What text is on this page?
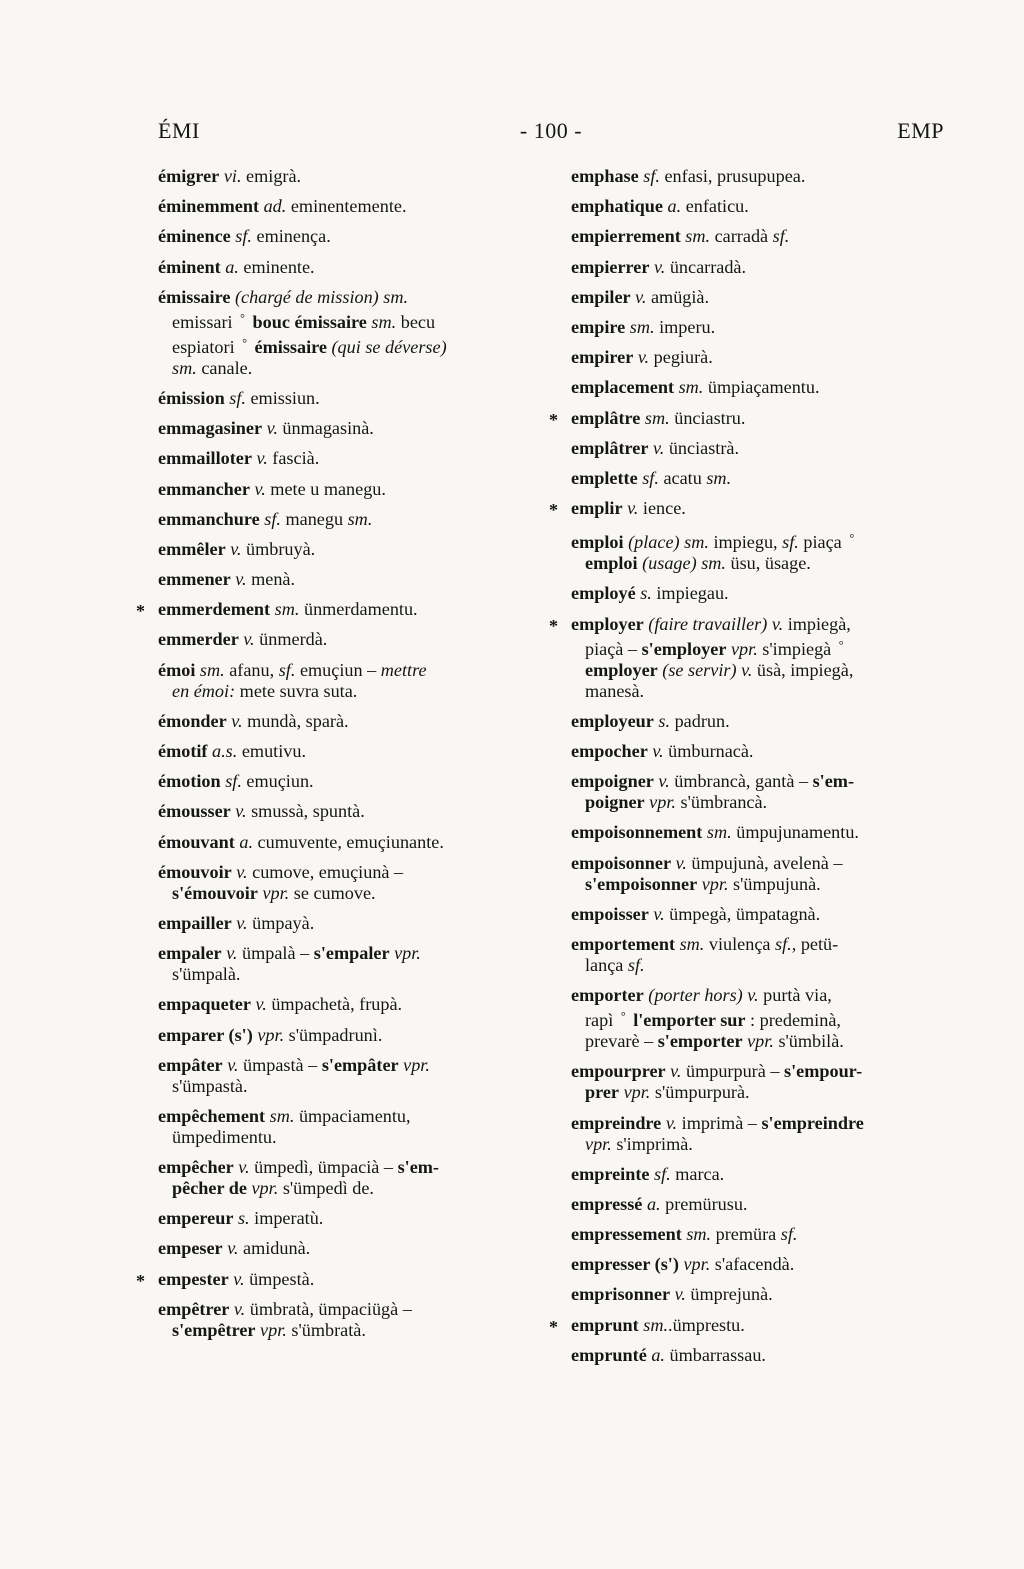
ÉMI	- 100 -	EMP
émigrer vi. emigrà.
éminemment ad. eminentemente.
éminence sf. eminença.
éminent a. eminente.
émissaire (chargé de mission) sm.
emissari ° bouc émissaire sm. becu
espiatori ° émissaire (qui se déverse)
sm. canale.
émission sf. emissiun.
emmagasiner v. ünmagasinà.
emmailloter v. fascià.
emmancher v. mete u manegu.
emmanchure sf. manegu sm.
emmêler v. ümbruyà.
emmener v. menà.
* emmerdement sm. ünmerdamentu.
emmerder v. ünmerdà.
émoi sm. afanu, sf. emuçiun – mettre
en émoi: mete suvra suta.
émonder v. mundà, sparà.
émotif a.s. emutivu.
émotion sf. emuçiun.
émousser v. smussà, spuntà.
émouvant a. cumuvente, emuçiunante.
émouvoir v. cumove, emuçiunà –
s'émouvoir vpr. se cumove.
empailler v. ümpayà.
empaler v. ümpalà – s'empaler vpr.
s'ümpalà.
empaqueter v. ümpachetà, frupà.
emparer (s') vpr. s'ümpadrunì.
empâter v. ümpastà – s'empâter vpr.
s'ümpastà.
empêchement sm. ümpaciamentu,
ümpedimentu.
empêcher v. ümpedì, ümpacià – s'em-
pêcher de vpr. s'ümpedì de.
empereur s. imperatù.
empeser v. amidunà.
* empester v. ümpestà.
empêtrer v. ümbratà, ümpaciügà –
s'empêtrer vpr. s'ümbratà.
emphase sf. enfasi, prusupupea.
emphatique a. enfaticu.
empierrement sm. carradà sf.
empierrer v. üncarradà.
empiler v. amügià.
empire sm. imperu.
empirer v. pegiurà.
emplacement sm. ümpiaçamentu.
* emplâtre sm. ünciastru.
emplâtrer v. ünciastrà.
emplette sf. acatu sm.
* emplir v. ience.
emploi (place) sm. impiegu, sf. piaça °
emploi (usage) sm. üsu, üsage.
employé s. impiegau.
* employer (faire travailler) v. impiegà,
piaçà – s'employer vpr. s'impiegà °
employer (se servir) v. üsà, impiegà,
manesà.
employeur s. padrun.
empocher v. ümburnacà.
empoigner v. ümbrancà, gantà – s'em-
poigner vpr. s'ümbrancà.
empoisonnement sm. ümpujunamentu.
empoisonner v. ümpujunà, avelenà –
s'empoisonner vpr. s'ümpujunà.
empoisser v. ümpegà, ümpatagnà.
emportement sm. viulença sf., petü-
lança sf.
emporter (porter hors) v. purtà via,
rapì ° l'emporter sur : predeminà,
prevarè – s'emporter vpr. s'ümbilà.
empourprer v. ümpurpurà – s'empour-
prer vpr. s'ümpurpurà.
empreindre v. imprimà – s'empreindre
vpr. s'imprimà.
empreinte sf. marca.
empressé a. premürusu.
empressement sm. premüra sf.
empresser (s') vpr. s'afacendà.
emprisonner v. ümprejunà.
* emprunt sm..ümprestu.
emprunté a. ümbarrassau.
